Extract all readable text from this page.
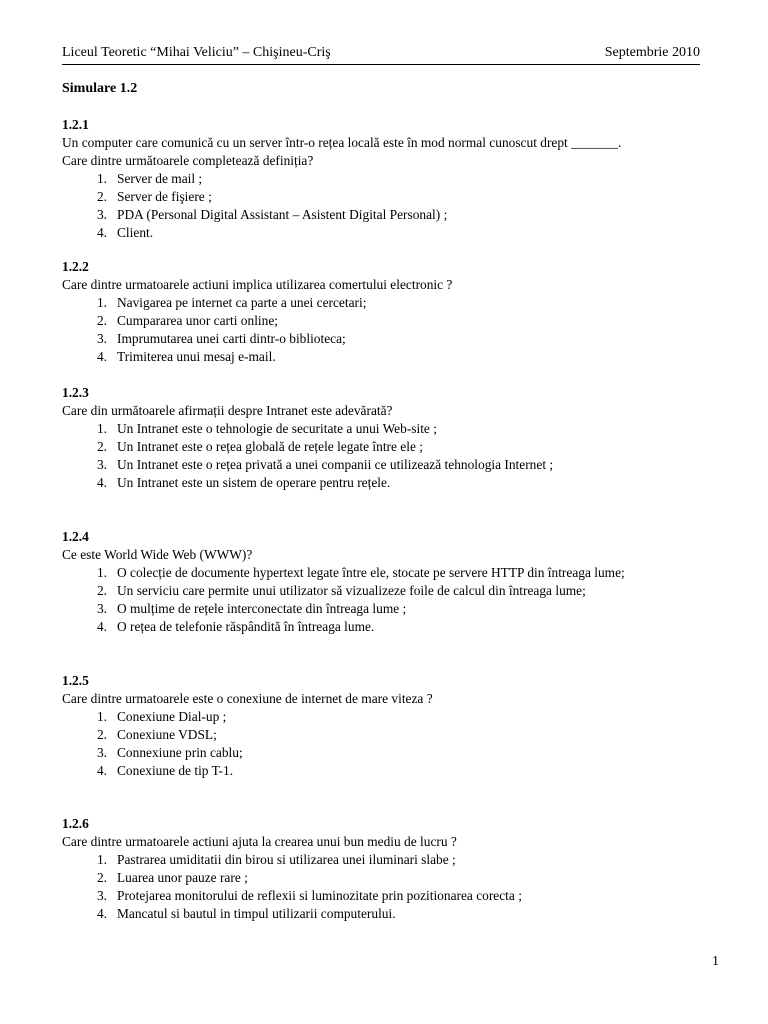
Liceul Teoretic “Mihai Veliciu” – Chişineu-Criş	Septembrie 2010
Simulare 1.2
1.2.1
Un computer care comunică cu un server într-o rețea locală este în mod normal cunoscut drept _______.
Care dintre următoarele completează definiția?
1. Server de mail ;
2. Server de fişiere ;
3. PDA (Personal Digital Assistant – Asistent Digital Personal) ;
4. Client.
1.2.2
Care dintre urmatoarele actiuni implica utilizarea comertului electronic ?
1. Navigarea pe internet ca parte a unei cercetari;
2. Cumpararea unor carti online;
3. Imprumutarea unei carti dintr-o biblioteca;
4. Trimiterea unui mesaj e-mail.
1.2.3
Care din următoarele afirmații despre Intranet este adevărată?
1. Un Intranet este o tehnologie de securitate a unui Web-site ;
2. Un Intranet este o rețea globală de rețele legate între ele ;
3. Un Intranet este o rețea privată a unei companii ce utilizează tehnologia Internet ;
4. Un Intranet este un sistem de operare pentru rețele.
1.2.4
Ce este World Wide Web (WWW)?
1. O colecție de documente hypertext legate între ele, stocate pe servere HTTP din întreaga lume;
2. Un serviciu care permite unui utilizator să vizualizeze foile de calcul din întreaga lume;
3. O mulțime de rețele interconectate din întreaga lume ;
4. O rețea de telefonie răspândită în întreaga lume.
1.2.5
Care dintre urmatoarele este o conexiune de internet de mare viteza ?
1. Conexiune Dial-up ;
2. Conexiune VDSL;
3. Connexiune prin cablu;
4. Conexiune de tip T-1.
1.2.6
Care dintre urmatoarele actiuni ajuta la crearea unui bun mediu de lucru ?
1. Pastrarea umiditatii din birou si utilizarea unei iluminari slabe ;
2. Luarea unor pauze rare ;
3. Protejarea monitorului de reflexii si luminozitate prin pozitionarea corecta ;
4. Mancatul si bautul in timpul utilizarii computerului.
1
